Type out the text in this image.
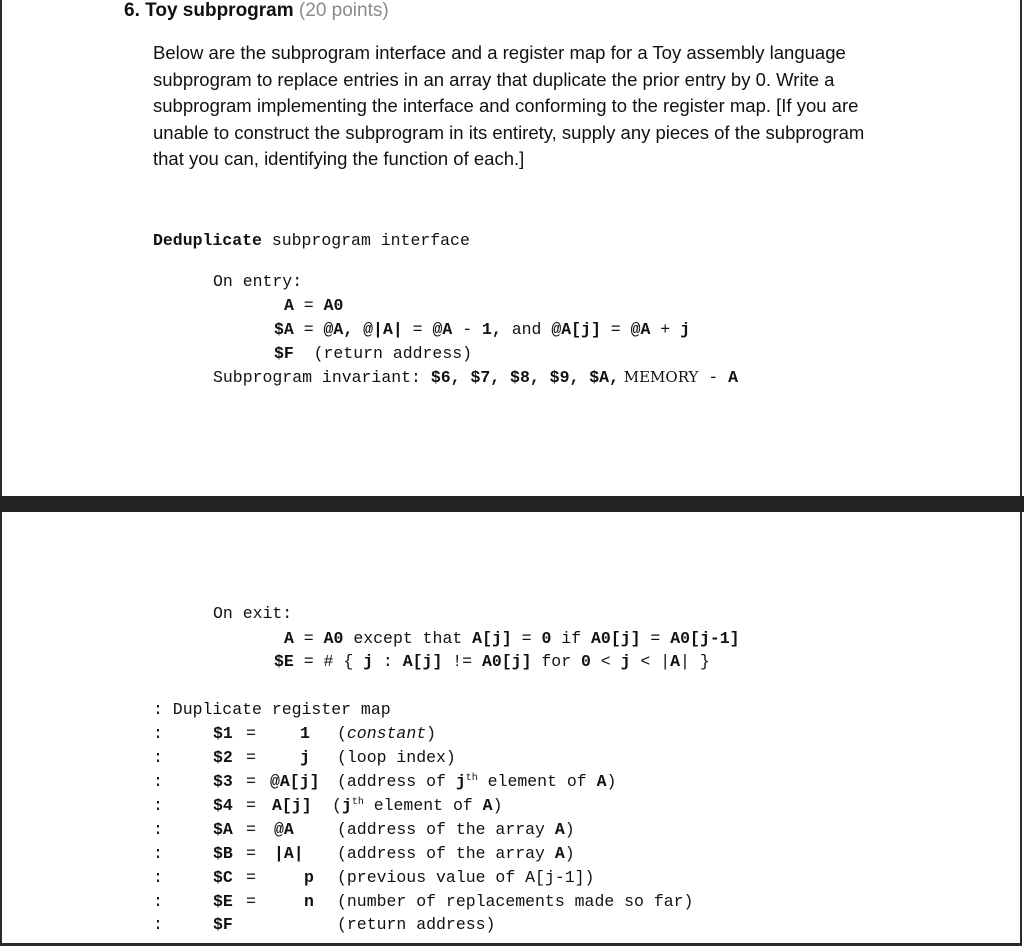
6. Toy subprogram (20 points)
Below are the subprogram interface and a register map for a Toy assembly language
subprogram to replace entries in an array that duplicate the prior entry by 0. Write a
subprogram implementing the interface and conforming to the register map. [If you are
unable to construct the subprogram in its entirety, supply any pieces of the subprogram
that you can, identifying the function of each.]
Deduplicate subprogram interface
On entry:
A = A0
$A = @A, @|A| = @A - 1, and @A[j] = @A + j
$F  (return address)
Subprogram invariant: $6, $7, $8, $9, $A, MEMORY - A
On exit:
A = A0 except that A[j] = 0 if A0[j] = A0[j-1]
$E = # { j : A[j] != A0[j] for 0 < j < |A| }
: Duplicate register map
:	$1 =	1 (constant)
:	$2 =	j (loop index)
:	$3 = @A[j] (address of $j^{th}$ element of A)
:	$4 = A[j] ($j^{th}$ element of A)
:	$A = @A	(address of the array A)
:	$B = |A| (address of the array A)
:	$C =	p (previous value of A[j-1])
:	$E =	n (number of replacements made so far)
:	$F	(return address)
